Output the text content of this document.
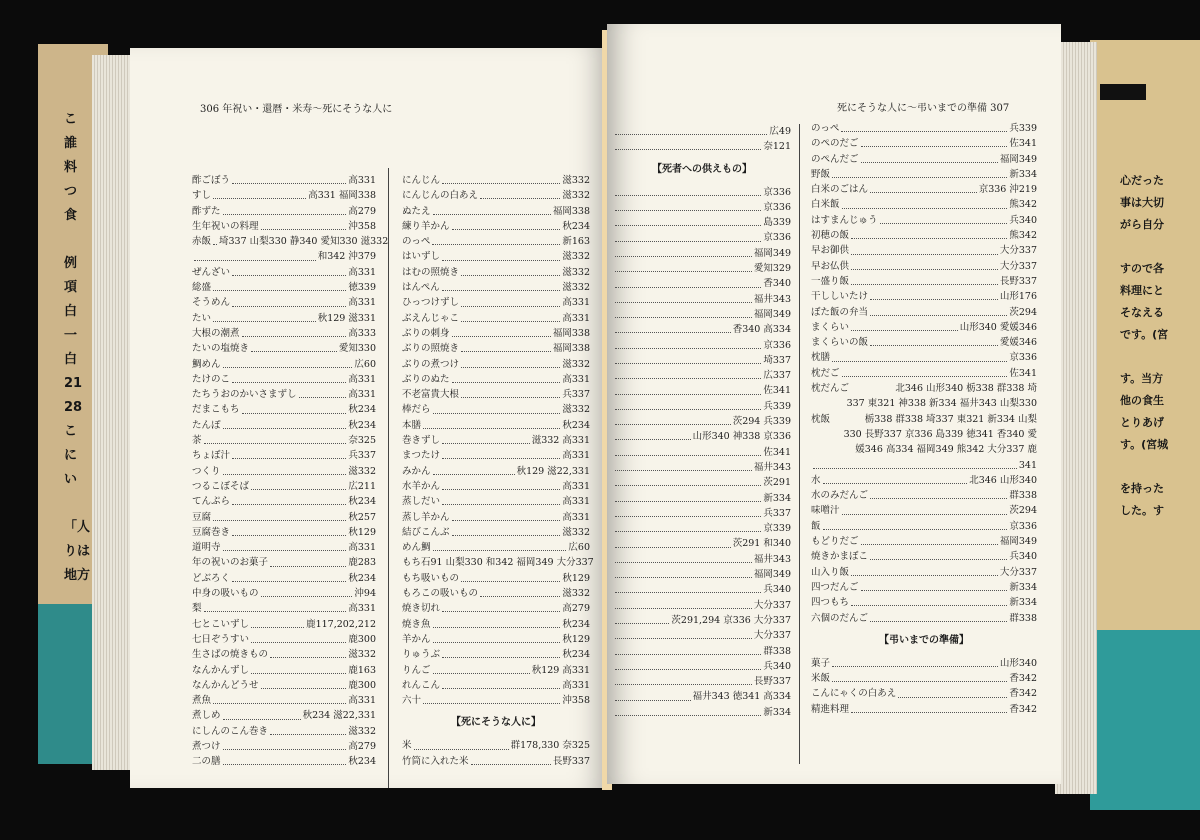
こ
誰
料
つ
食

例
項
白
一
白
21
28
こ
に
い

「人
りは
地方
心だった
事は大切
がら自分

すので各
料理にと
そなえる
です。(宮

す。当方
他の食生
とりあげ
す。(宮城

を持った
した。す
306 年祝い・還暦・米寿～死にそうな人に
酢ごぼう	高331
すし	高331 福岡338
酢ずた	高279
生年祝いの料理	沖358
赤飯 埼337 山梨330 静340 愛知330 滋332
和342 沖379
ぜんざい	高331
総盛	徳339
そうめん	高331
たい	秋129 滋331
大根の潮煮	高333
たいの塩焼き	愛知330
鯛めん	広60
たけのこ	高331
たちうおのかいさまずし	高331
だまこもち	秋234
たんぽ	秋234
茶	奈325
ちょぼ汁	兵337
つくり	滋332
つるこぼそば	広211
てんぷら	秋234
豆腐	秋257
豆腐巻き	秋129
道明寺	高331
年の祝いのお菓子	鹿283
どぶろく	秋234
中身の吸いもの	沖94
梨	高331
七とこいずし	鹿117,202,212
七日ぞうすい	鹿300
生さばの焼きもの	滋332
なんかんずし	鹿163
なんかんどうせ	鹿300
煮魚	高331
煮しめ	秋234 滋22,331
にしんのこん巻き	滋332
煮つけ	高279
二の膳	秋234
にんじん	滋332
にんじんの白あえ	滋332
ぬたえ	福岡338
練り羊かん	秋234
のっぺ	新163
はいずし	滋332
はむの照焼き	滋332
はんぺん	滋332
ひっつけずし	高331
ぶえんじゃこ	高331
ぶりの刺身	福岡338
ぶりの照焼き	福岡338
ぶりの煮つけ	滋332
ぶりのぬた	高331
不老富貴大根	兵337
棒だら	滋332
本膳	秋234
巻きずし	滋332 高331
まつたけ	高331
みかん	秋129 滋22,331
水羊かん	高331
蒸しだい	高331
蒸し羊かん	高331
結びこんぶ	滋332
めん鯛	広60
もち 石91 山梨330 和342 福岡349 大分337
もち吸いもの	秋129
もろこの吸いもの	滋332
焼き切れ	高279
焼き魚	秋234
羊かん	秋129
りゅうぶ	秋234
りんご	秋129 高331
れんこん	高331
六十	沖358
【死にそうな人に】
米	群178,330 奈325
竹筒に入れた米	長野337
死にそうな人に～弔いまでの準備 307
広49
奈121
【死者への供えもの】
京336
京336
島339
京336
福岡349
愛知329
香340
福井343
福岡349
香340 高334
京336
埼337
広337
佐341
兵339
茨294 兵339
山形340 神338 京336
佐341
福井343
茨291
新334
兵337
京339
茨291 和340
福井343
福岡349
兵340
大分337
茨291,294 京336 大分337
大分337
群338
兵340
長野337
福井343 徳341 高334
新334
のっぺ	兵339
のぺのだご	佐341
のぺんだご	福岡349
野飯	新334
白米のごはん	京336 沖219
白米飯	熊342
はすまんじゅう	兵340
初穂の飯	熊342
早お御供	大分337
早お仏供	大分337
一盛り飯	長野337
干ししいたけ	山形176
ぼた飯の弁当	茨294
まくらい	山形340 愛媛346
まくらいの飯	愛媛346
枕膳	京336
枕だご	佐341
枕だんご	北346 山形340 栃338 群338 埼
337 東321 神338 新334 福井343 山梨330
枕飯	栃338 群338 埼337 東321 新334 山梨
330 長野337 京336 島339 徳341 香340 愛
媛346 高334 福岡349 熊342 大分337 鹿
341
水	北346 山形340
水のみだんご	群338
味噌汁	茨294
飯	京336
もどりだご	福岡349
焼きかまぼこ	兵340
山入り飯	大分337
四つだんご	新334
四つもち	新334
六個のだんご	群338
【弔いまでの準備】
菓子	山形340
米飯	香342
こんにゃくの白あえ	香342
精進料理	香342
